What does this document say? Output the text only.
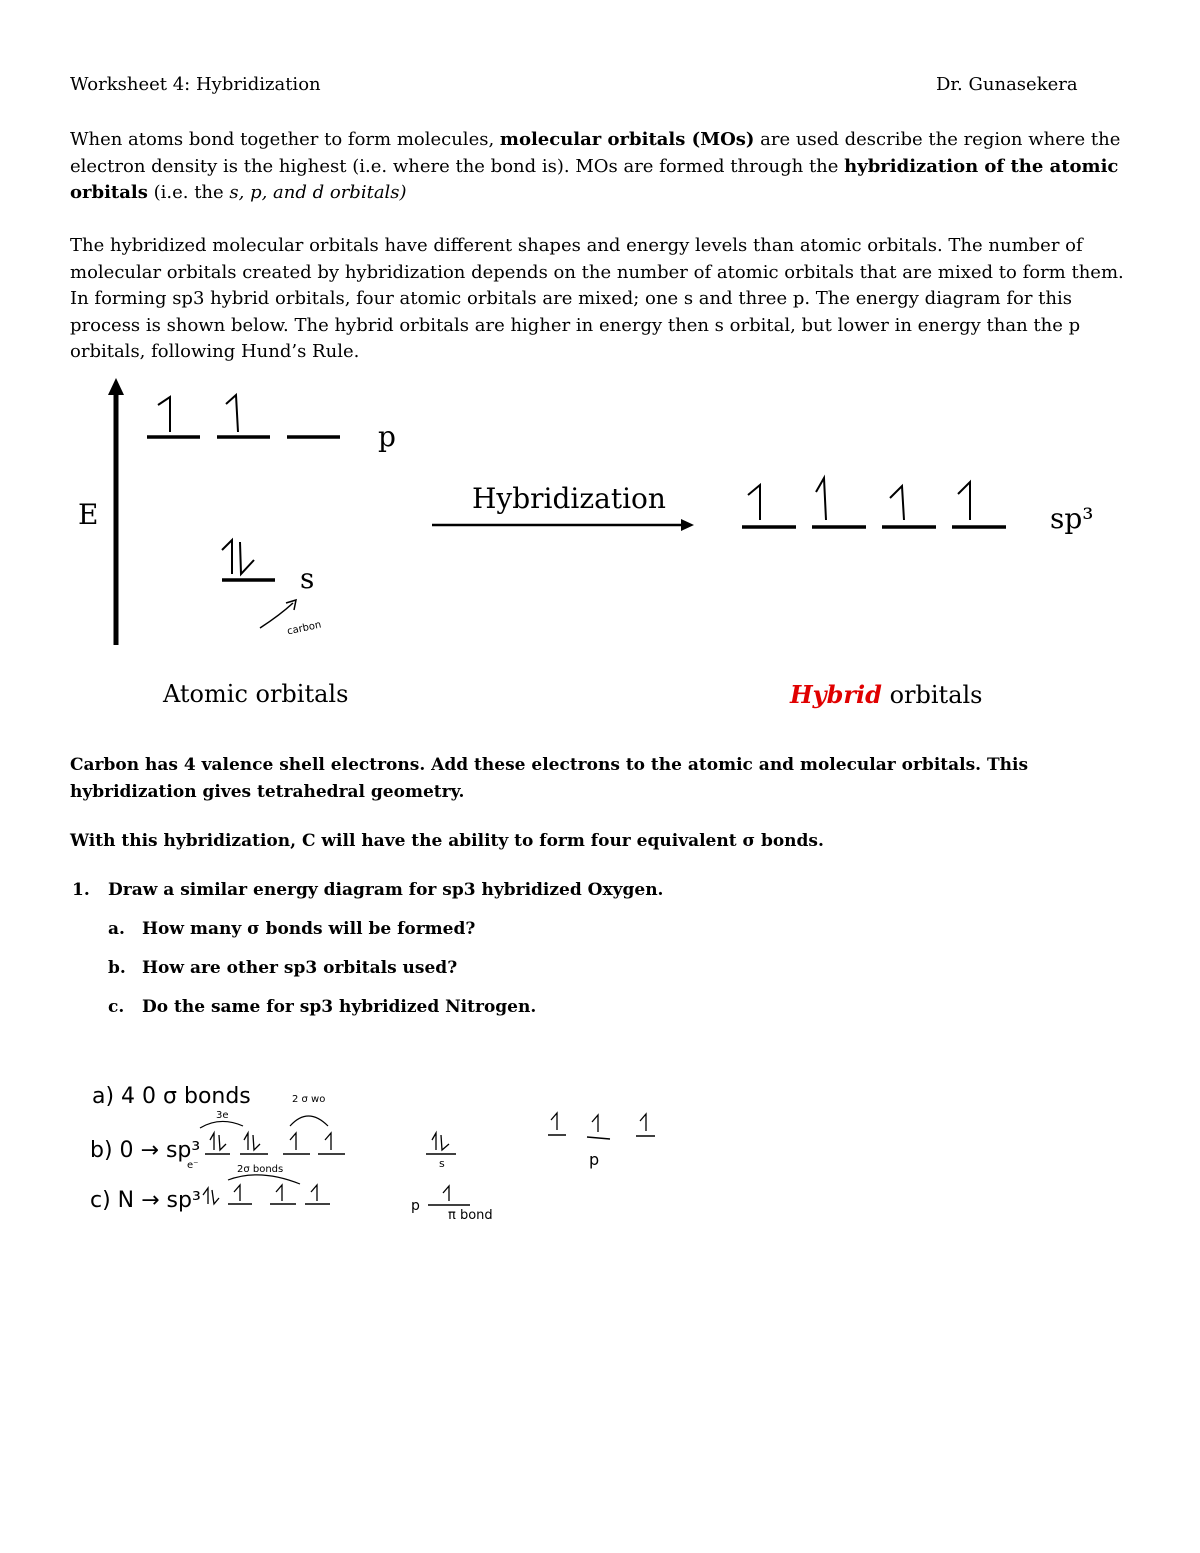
Worksheet 4: Hybridization	Dr. Gunasekera
When atoms bond together to form molecules, molecular orbitals (MOs) are used describe the region where the electron density is the highest (i.e. where the bond is). MOs are formed through the hybridization of the atomic orbitals (i.e. the s, p, and d orbitals)
The hybridized molecular orbitals have different shapes and energy levels than atomic orbitals. The number of molecular orbitals created by hybridization depends on the number of atomic orbitals that are mixed to form them. In forming sp3 hybrid orbitals, four atomic orbitals are mixed; one s and three p. The energy diagram for this process is shown below. The hybrid orbitals are higher in energy then s orbital, but lower in energy than the p orbitals, following Hund’s Rule.
E
p
s
carbon
Hybridization
sp³
Atomic orbitals	Hybrid orbitals
Carbon has 4 valence shell electrons. Add these electrons to the atomic and molecular orbitals. This hybridization gives tetrahedral geometry.
With this hybridization, C will have the ability to form four equivalent σ bonds.
1. Draw a similar energy diagram for sp3 hybridized Oxygen.
a. How many σ bonds will be formed?
b. How are other sp3 orbitals used?
c. Do the same for sp3 hybridized Nitrogen.
a) 4 0 σ bonds
b) 0 → sp³
c) N → sp³
3e
e⁻
2 σ wo
2σ bonds	s	p
p
π bond
